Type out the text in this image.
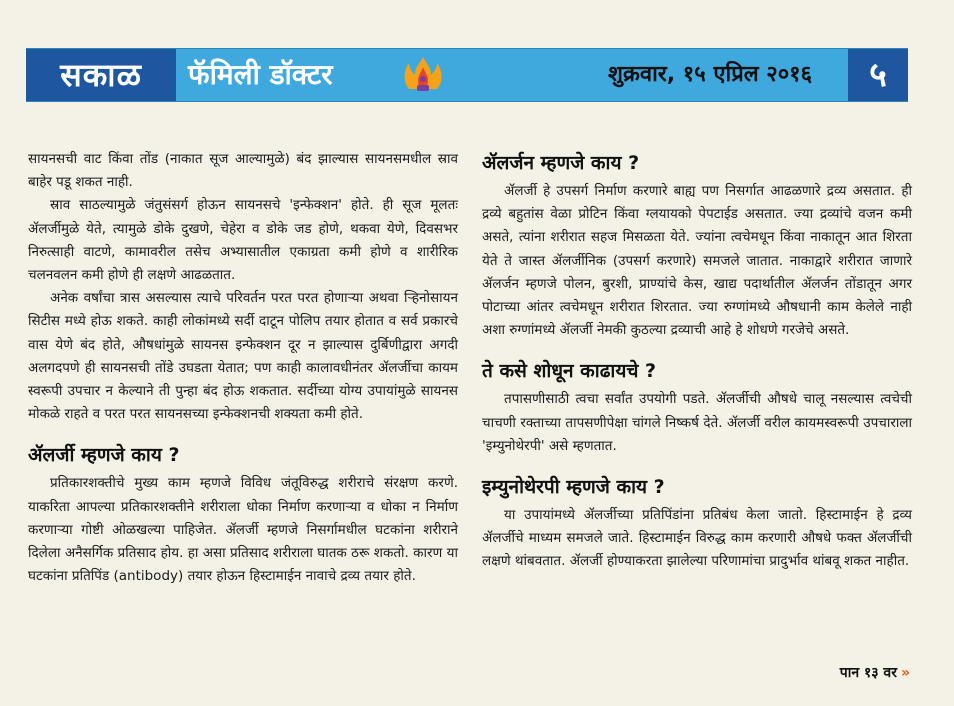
सकाळ	फॅमिली डॉक्टर	शुक्रवार, १५ एप्रिल २०१६	५

सायनसची वाट किंवा तोंड (नाकात सूज आल्यामुळे) बंद झाल्यास सायनसमधील स्राव बाहेर पडू शकत नाही.

स्राव साठल्यामुळे जंतुसंसर्ग होऊन सायनसचे 'इन्फेक्शन' होते. ही सूज मूलतः ॲलर्जीमुळे येते, त्यामुळे डोके दुखणे, चेहेरा व डोके जड होणे, थकवा येणे, दिवसभर निरुत्साही वाटणे, कामावरील तसेच अभ्यासातील एकाग्रता कमी होणे व शारीरिक चलनवलन कमी होणे ही लक्षणे आढळतात.

अनेक वर्षांचा त्रास असल्यास त्याचे परिवर्तन परत परत होणाऱ्या अथवा ऱ्हिनोसायन सिटीस मध्ये होऊ शकते. काही लोकांमध्ये सर्दी दाटून पोलिप तयार होतात व सर्व प्रकारचे वास येणे बंद होते, औषधांमुळे सायनस इन्फेक्शन दूर न झाल्यास दुर्बिणीद्वारा अगदी अलगदपणे ही सायनसची तोंडे उघडता येतात; पण काही कालावधीनंतर ॲलर्जीचा कायम स्वरूपी उपचार न केल्याने ती पुन्हा बंद होऊ शकतात. सर्दीच्या योग्य उपायांमुळे सायनस मोकळे राहते व परत परत सायनसच्या इन्फेक्शनची शक्यता कमी होते.

ॲलर्जी म्हणजे काय ?

प्रतिकारशक्तीचे मुख्य काम म्हणजे विविध जंतूविरुद्ध शरीराचे संरक्षण करणे. याकरिता आपल्या प्रतिकारशक्तीने शरीराला धोका निर्माण करणाऱ्या व धोका न निर्माण करणाऱ्या गोष्टी ओळखल्या पाहिजेत. ॲलर्जी म्हणजे निसर्गामधील घटकांना शरीराने दिलेला अनैसर्गिक प्रतिसाद होय. हा असा प्रतिसाद शरीराला घातक ठरू शकतो. कारण या घटकांना प्रतिपिंड (antibody) तयार होऊन हिस्टामाईन नावाचे द्रव्य तयार होते.

ॲलर्जन म्हणजे काय ?

ॲलर्जी हे उपसर्ग निर्माण करणारे बाह्य पण निसर्गात आढळणारे द्रव्य असतात. ही द्रव्ये बहुतांस वेळा प्रोटिन किंवा ग्लयायको पेपटाईड असतात. ज्या द्रव्यांचे वजन कमी असते, त्यांना शरीरात सहज मिसळता येते. ज्यांना त्वचेमधून किंवा नाकातून आत शिरता येते ते जास्त ॲलर्जीनिक (उपसर्ग करणारे) समजले जातात. नाकाद्वारे शरीरात जाणारे ॲलर्जन म्हणजे पोलन, बुरशी, प्राण्यांचे केस, खाद्य पदार्थातील ॲलर्जन तोंडातून अगर पोटाच्या आंतर त्वचेमधून शरीरात शिरतात. ज्या रुग्णांमध्ये औषधानी काम केलेले नाही अशा रुग्णांमध्ये ॲलर्जी नेमकी कुठल्या द्रव्याची आहे हे शोधणे गरजेचे असते.

ते कसे शोधून काढायचे ?

तपासणीसाठी त्वचा सर्वांत उपयोगी पडते. ॲलर्जीची औषधे चालू नसल्यास त्वचेची चाचणी रक्ताच्या तापसणीपेक्षा चांगले निष्कर्ष देते. ॲलर्जी वरील कायमस्वरूपी उपचाराला 'इम्युनोथेरपी' असे म्हणतात.

इम्युनोथेरपी म्हणजे काय ?

या उपायांमध्ये ॲलर्जीच्या प्रतिपिंडांना प्रतिबंध केला जातो. हिस्टामाईन हे द्रव्य ॲलर्जीचे माध्यम समजले जाते. हिस्टामाईन विरुद्ध काम करणारी औषधे फक्त ॲलर्जीची लक्षणे थांबवतात. ॲलर्जी होण्याकरता झालेल्या परिणामांचा प्रादुर्भाव थांबवू शकत नाहीत.

पान १३ वर »
